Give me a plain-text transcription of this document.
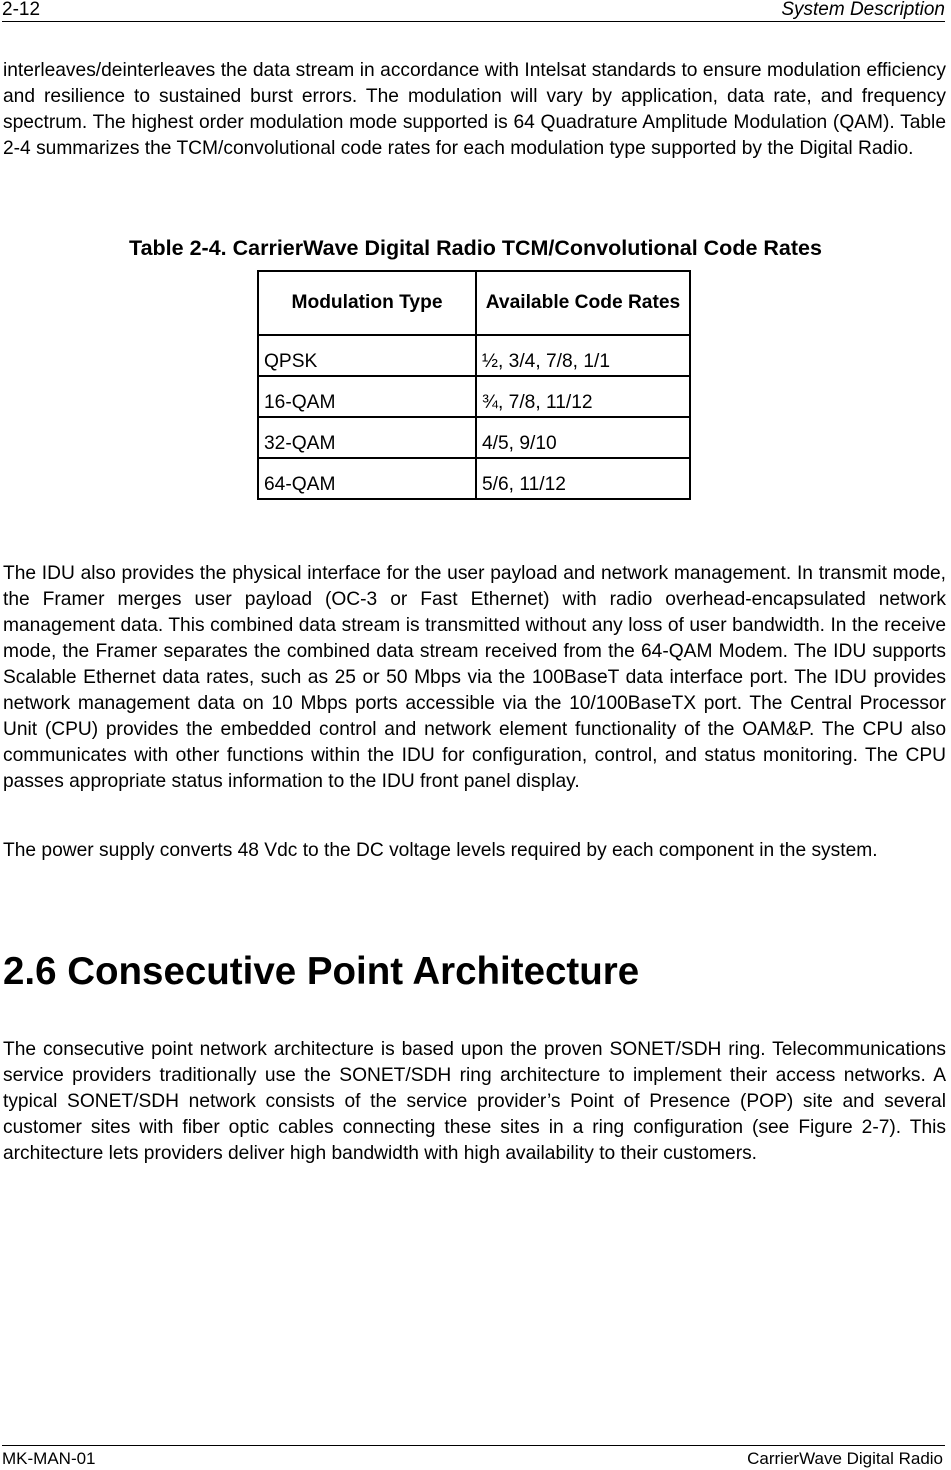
2-12	System Description

interleaves/deinterleaves the data stream in accordance with Intelsat standards to ensure modulation efficiency and resilience to sustained burst errors. The modulation will vary by application, data rate, and frequency spectrum. The highest order modulation mode supported is 64 Quadrature Amplitude Modulation (QAM). Table 2-4 summarizes the TCM/convolutional code rates for each modulation type supported by the Digital Radio.

Table 2-4. CarrierWave Digital Radio TCM/Convolutional Code Rates

Modulation Type	Available Code Rates
QPSK	½, 3/4, 7/8, 1/1
16-QAM	¾, 7/8, 11/12
32-QAM	4/5, 9/10
64-QAM	5/6, 11/12

The IDU also provides the physical interface for the user payload and network management. In transmit mode, the Framer merges user payload (OC-3 or Fast Ethernet) with radio overhead-encapsulated network management data. This combined data stream is transmitted without any loss of user bandwidth. In the receive mode, the Framer separates the combined data stream received from the 64-QAM Modem. The IDU supports Scalable Ethernet data rates, such as 25 or 50 Mbps via the 100BaseT data interface port. The IDU provides network management data on 10 Mbps ports accessible via the 10/100BaseTX port. The Central Processor Unit (CPU) provides the embedded control and network element functionality of the OAM&P. The CPU also communicates with other functions within the IDU for configuration, control, and status monitoring. The CPU passes appropriate status information to the IDU front panel display.

The power supply converts 48 Vdc to the DC voltage levels required by each component in the system.

2.6 Consecutive Point Architecture

The consecutive point network architecture is based upon the proven SONET/SDH ring. Telecommunications service providers traditionally use the SONET/SDH ring architecture to implement their access networks. A typical SONET/SDH network consists of the service provider’s Point of Presence (POP) site and several customer sites with fiber optic cables connecting these sites in a ring configuration (see Figure 2-7). This architecture lets providers deliver high bandwidth with high availability to their customers.

MK-MAN-01	CarrierWave Digital Radio
